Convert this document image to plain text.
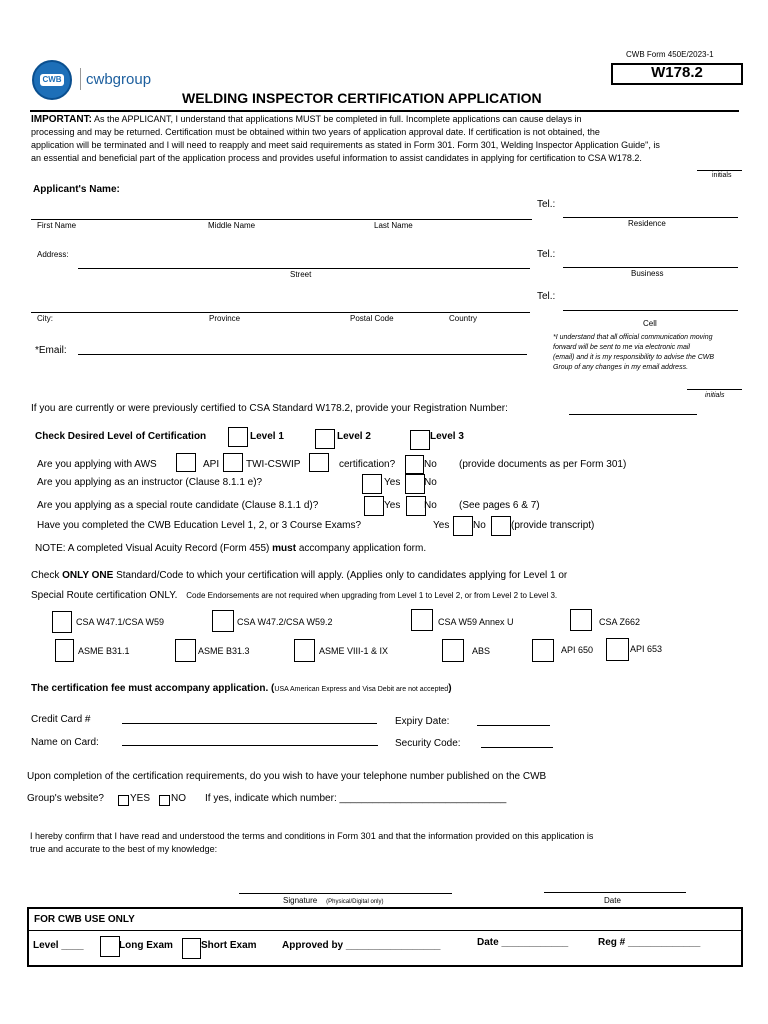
CWB Form 450E/2023-1
W178.2
CWB cwbgroup
WELDING INSPECTOR CERTIFICATION APPLICATION
IMPORTANT: As the APPLICANT, I understand that applications MUST be completed in full. Incomplete applications can cause delays in
processing and may be returned. Certification must be obtained within two years of application approval date. If certification is not obtained, the
application will be terminated and I will need to reapply and meet said requirements as stated in Form 301. Form 301, Welding Inspector Application Guide", is
an essential and beneficial part of the application process and provides useful information to assist candidates in applying for certification to CSA W178.2.
initials
Applicant's Name:
First Name	Middle Name	Last Name
Address:
Street
City:	Province	Postal Code	Country
*Email:
Tel.:
Residence
Tel.:
Business
Tel.:
Cell
*I understand that all official communication moving
forward will be sent to me via electronic mail
(email) and it is my responsibility to advise the CWB
Group of any changes in my email address.
initials
If you are currently or were previously certified to CSA Standard W178.2, provide your Registration Number:
Check Desired Level of Certification	Level 1	Level 2	Level 3
Are you applying with AWS	API	TWI-CSWIP	certification?	No (provide documents as per Form 301)
Are you applying as an instructor (Clause 8.1.1 e)?	Yes No
Are you applying as a special route candidate (Clause 8.1.1 d)?	Yes No (See pages 6 & 7)
Have you completed the CWB Education Level 1, 2, or 3 Course Exams?	Yes No	(provide transcript)
NOTE: A completed Visual Acuity Record (Form 455) must accompany application form.
Check ONLY ONE Standard/Code to which your certification will apply. (Applies only to candidates applying for Level 1 or
Special Route certification ONLY. Code Endorsements are not required when upgrading from Level 1 to Level 2, or from Level 2 to Level 3.
CSA W47.1/CSA W59	CSA W47.2/CSA W59.2	CSA W59 Annex U	CSA Z662
ASME B31.1	ASME B31.3	ASME VIII-1 & IX	ABS	API 650	API 653
The certification fee must accompany application. (USA American Express and Visa Debit are not accepted)
Credit Card #	Expiry Date:
Name on Card:	Security Code:
Upon completion of the certification requirements, do you wish to have your telephone number published on the CWB
Group's website?	YES NO If yes, indicate which number: ______________________________
I hereby confirm that I have read and understood the terms and conditions in Form 301 and that the information provided on this application is
true and accurate to the best of my knowledge:
Signature (Physical/Digital only)	Date
FOR CWB USE ONLY
Level ____	Long Exam	Short Exam	Approved by _________________	Date ____________	Reg # _____________
